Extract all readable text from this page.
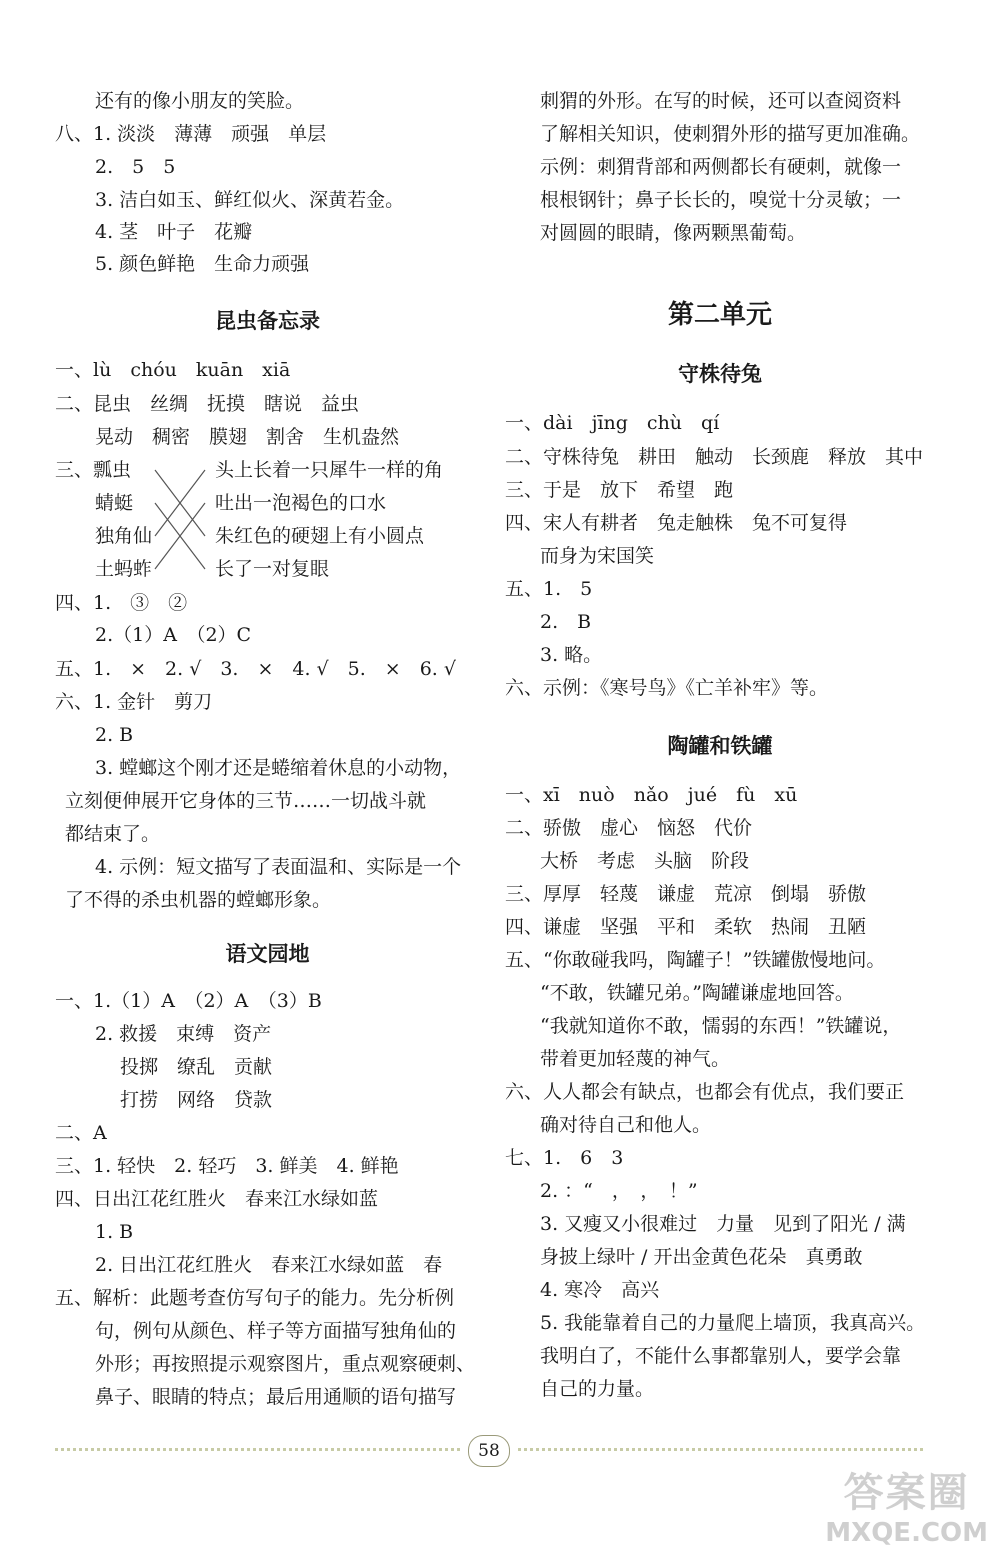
还有的像小朋友的笑脸。
八、1. 淡淡　薄薄　顽强　单层
2.　5　5
3. 洁白如玉、鲜红似火、深黄若金。
4. 茎　叶子　花瓣
5. 颜色鲜艳　生命力顽强
昆虫备忘录
一、lù　chóu　kuān　xiā
二、昆虫　丝绸　抚摸　瞎说　益虫
晃动　稠密　膜翅　割舍　生机盎然
三、瓢虫	头上长着一只犀牛一样的角
蜻蜓	吐出一泡褐色的口水
独角仙	朱红色的硬翅上有小圆点
土蚂蚱	长了一对复眼
四、1.　③　②
2.（1）A　（2）C
五、1.　×　2. √　3.　×　4. √　5.　×　6. √
六、1. 金针　剪刀
2. B
3. 螳螂这个刚才还是蜷缩着休息的小动物，
立刻便伸展开它身体的三节……一切战斗就
都结束了。
4. 示例：短文描写了表面温和、实际是一个
了不得的杀虫机器的螳螂形象。
语文园地
一、1.（1）A　（2）A　（3）B
2. 救援　束缚　资产
投掷　缭乱　贡献
打捞　网络　贷款
二、A
三、1. 轻快　2. 轻巧　3. 鲜美　4. 鲜艳
四、日出江花红胜火　春来江水绿如蓝
1. B
2. 日出江花红胜火　春来江水绿如蓝　春
五、解析：此题考查仿写句子的能力。先分析例
句，例句从颜色、样子等方面描写独角仙的
外形；再按照提示观察图片，重点观察硬刺、
鼻子、眼睛的特点；最后用通顺的语句描写
刺猬的外形。在写的时候，还可以查阅资料
了解相关知识，使刺猬外形的描写更加准确。
示例：刺猬背部和两侧都长有硬刺，就像一
根根钢针；鼻子长长的，嗅觉十分灵敏；一
对圆圆的眼睛，像两颗黑葡萄。
第二单元
守株待兔
一、dài　jīng　chù　qí
二、守株待兔　耕田　触动　长颈鹿　释放　其中
三、于是　放下　希望　跑
四、宋人有耕者　兔走触株　兔不可复得
而身为宋国笑
五、1.　5
2.　B
3. 略。
六、示例：《寒号鸟》《亡羊补牢》等。
陶罐和铁罐
一、xī　nuò　nǎo　jué　fù　xū
二、骄傲　虚心　恼怒　代价
大桥　考虑　头脑　阶段
三、厚厚　轻蔑　谦虚　荒凉　倒塌　骄傲
四、谦虚　坚强　平和　柔软　热闹　丑陋
五、“你敢碰我吗，陶罐子！”铁罐傲慢地问。
“不敢，铁罐兄弟。”陶罐谦虚地回答。
“我就知道你不敢，懦弱的东西！”铁罐说，
带着更加轻蔑的神气。
六、人人都会有缺点，也都会有优点，我们要正
确对待自己和他人。
七、1.　6　3
2. ：“　，　，　！”
3. 又瘦又小很难过　力量　见到了阳光 / 满
身披上绿叶 / 开出金黄色花朵　真勇敢
4. 寒冷　高兴
5. 我能靠着自己的力量爬上墙顶，我真高兴。
我明白了，不能什么事都靠别人，要学会靠
自己的力量。
58
答案圈
MXQE.COM
